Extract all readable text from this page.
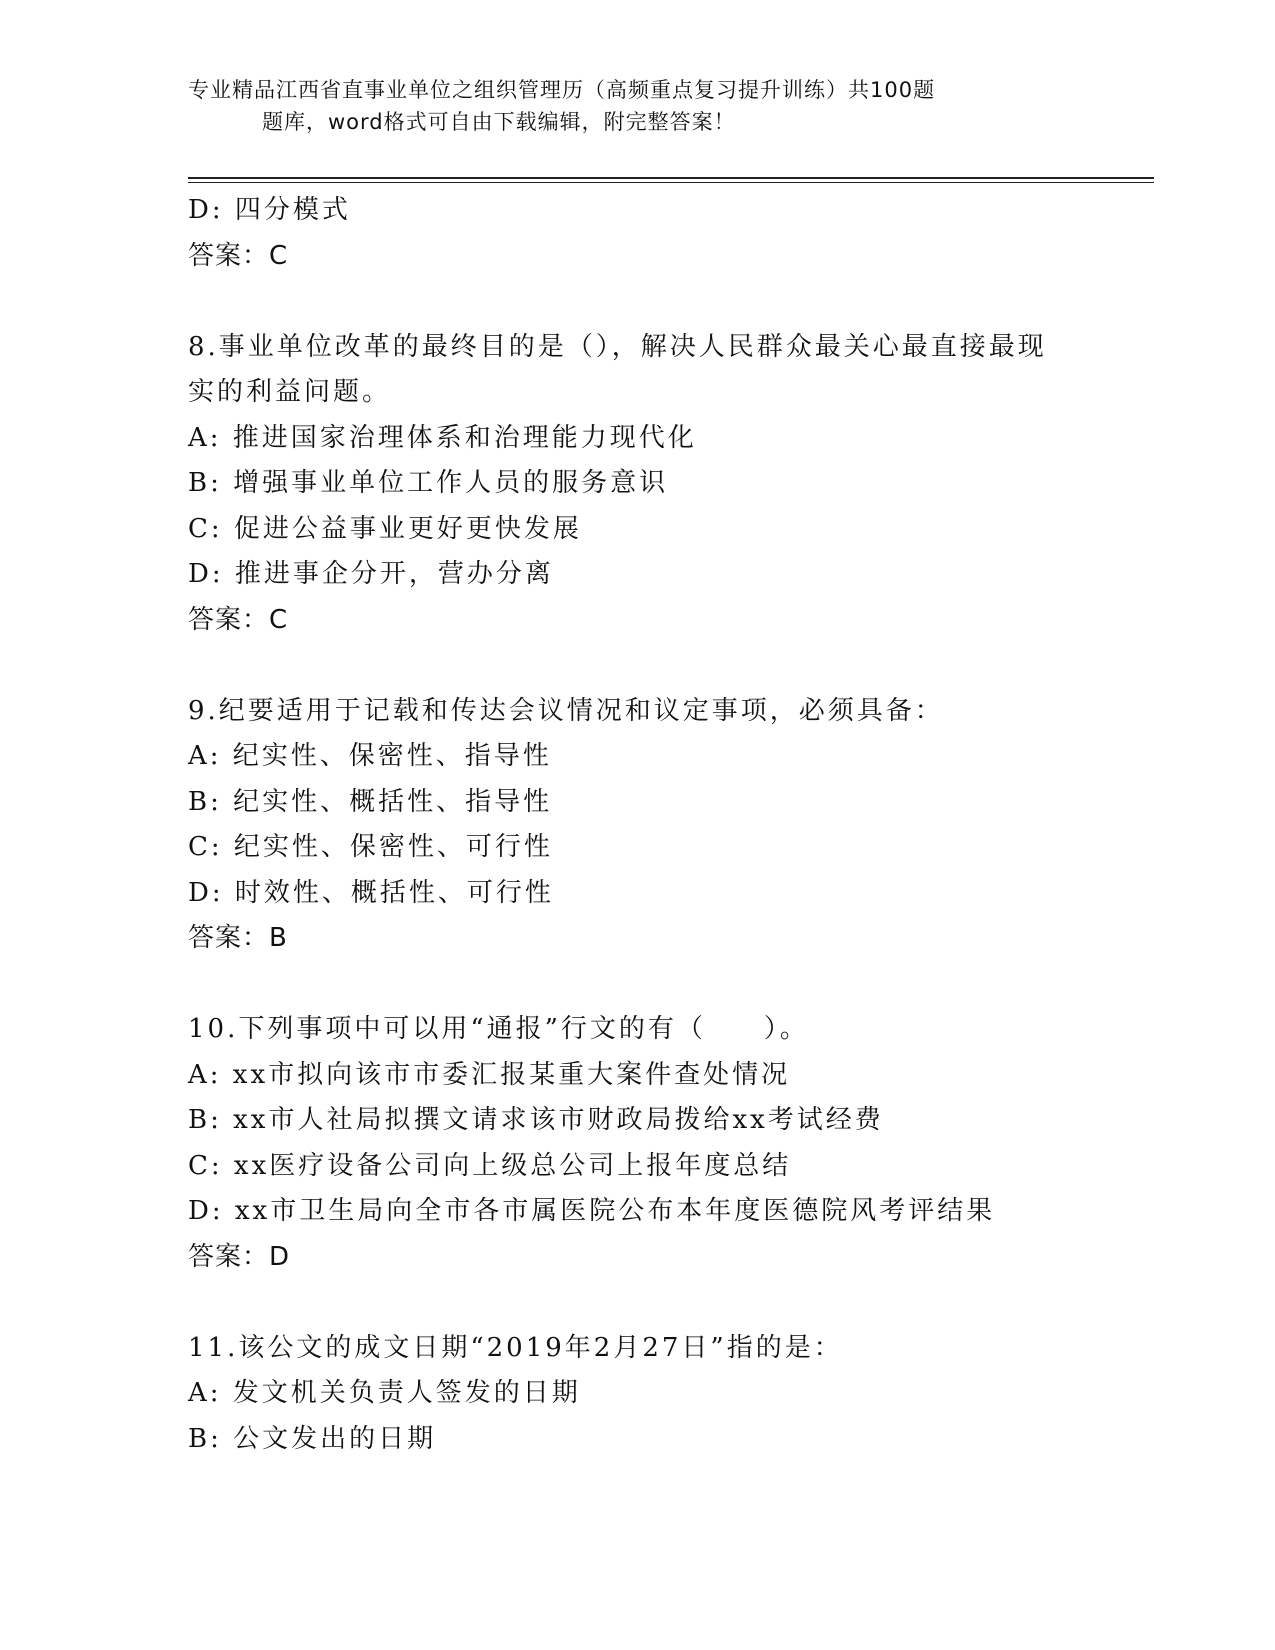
专业精品江西省直事业单位之组织管理历（高频重点复习提升训练）共100题
题库，word格式可自由下载编辑，附完整答案！
D: 四分模式
答案：C
8.事业单位改革的最终目的是（），解决人民群众最关心最直接最现
实的利益问题。
A: 推进国家治理体系和治理能力现代化
B: 增强事业单位工作人员的服务意识
C: 促进公益事业更好更快发展
D: 推进事企分开，营办分离
答案：C
9.纪要适用于记载和传达会议情况和议定事项，必须具备：
A: 纪实性、保密性、指导性
B: 纪实性、概括性、指导性
C: 纪实性、保密性、可行性
D: 时效性、概括性、可行性
答案：B
10.下列事项中可以用“通报”行文的有（　　）。
A: xx市拟向该市市委汇报某重大案件查处情况
B: xx市人社局拟撰文请求该市财政局拨给xx考试经费
C: xx医疗设备公司向上级总公司上报年度总结
D: xx市卫生局向全市各市属医院公布本年度医德院风考评结果
答案：D
11.该公文的成文日期“2019年2月27日”指的是：
A: 发文机关负责人签发的日期
B: 公文发出的日期
